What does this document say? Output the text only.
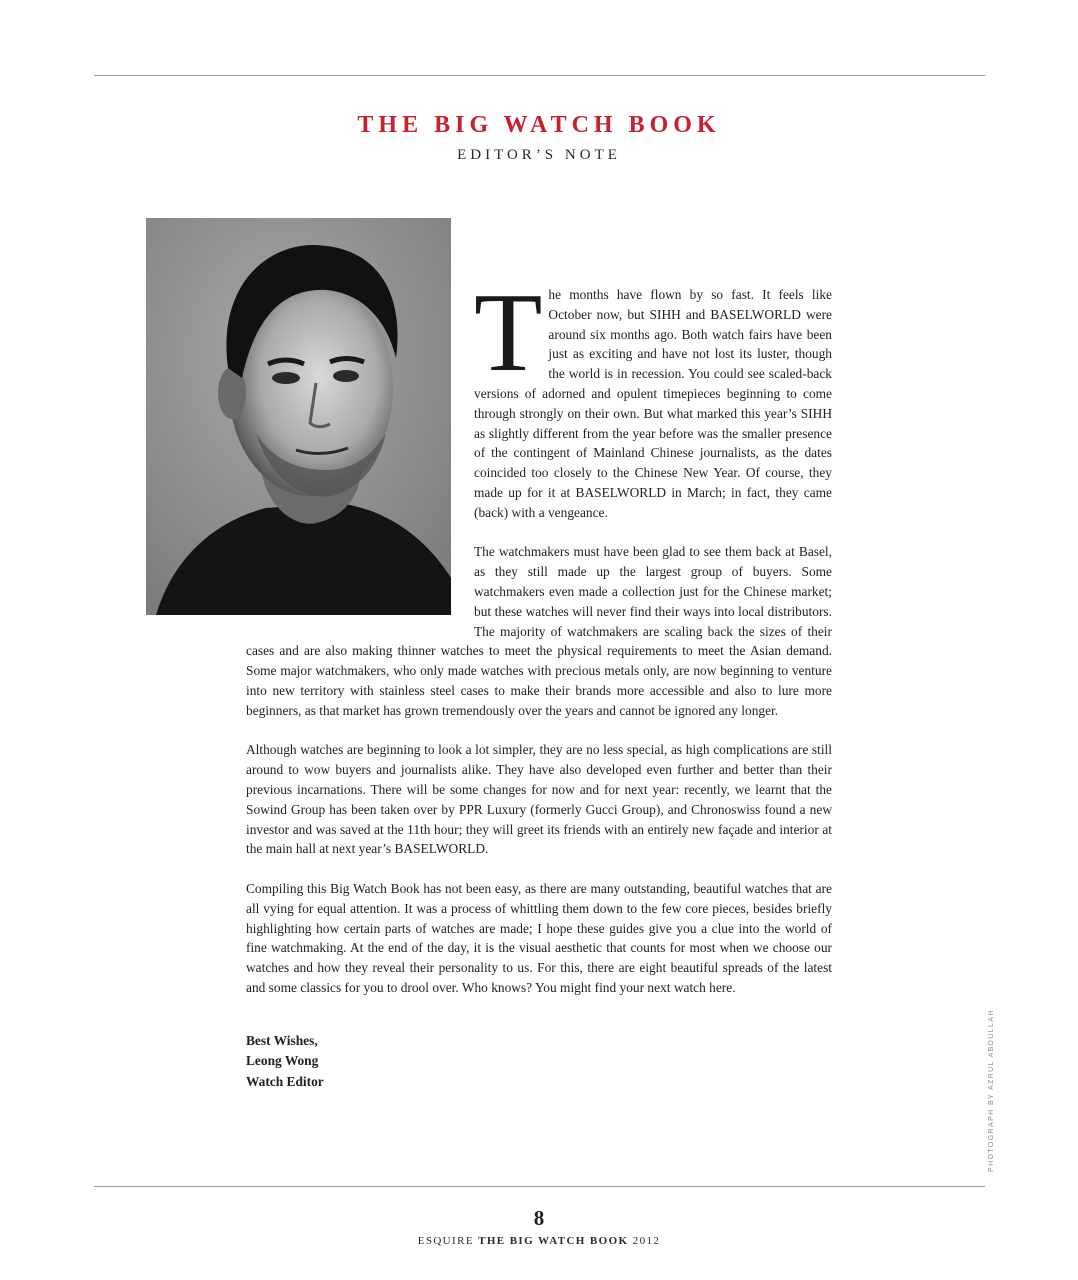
THE BIG WATCH BOOK
EDITOR’S NOTE

The months have flown by so fast. It feels like October now, but SIHH and BASELWORLD were around six months ago. Both watch fairs have been just as exciting and have not lost its luster, though the world is in recession. You could see scaled-back versions of adorned and opulent timepieces beginning to come through strongly on their own. But what marked this year’s SIHH as slightly different from the year before was the smaller presence of the contingent of Mainland Chinese journalists, as the dates coincided too closely to the Chinese New Year. Of course, they made up for it at BASELWORLD in March; in fact, they came (back) with a vengeance.

The watchmakers must have been glad to see them back at Basel, as they still made up the largest group of buyers. Some watchmakers even made a collection just for the Chinese market; but these watches will never find their ways into local distributors. The majority of watchmakers are scaling back the sizes of their cases and are also making thinner watches to meet the physical requirements to meet the Asian demand. Some major watchmakers, who only made watches with precious metals only, are now beginning to venture into new territory with stainless steel cases to make their brands more accessible and also to lure more beginners, as that market has grown tremendously over the years and cannot be ignored any longer.

Although watches are beginning to look a lot simpler, they are no less special, as high complications are still around to wow buyers and journalists alike. They have also developed even further and better than their previous incarnations. There will be some changes for now and for next year: recently, we learnt that the Sowind Group has been taken over by PPR Luxury (formerly Gucci Group), and Chronoswiss found a new investor and was saved at the 11th hour; they will greet its friends with an entirely new façade and interior at the main hall at next year’s BASELWORLD.

Compiling this Big Watch Book has not been easy, as there are many outstanding, beautiful watches that are all vying for equal attention. It was a process of whittling them down to the few core pieces, besides briefly highlighting how certain parts of watches are made; I hope these guides give you a clue into the world of fine watchmaking. At the end of the day, it is the visual aesthetic that counts for most when we choose our watches and how they reveal their personality to us. For this, there are eight beautiful spreads of the latest and some classics for you to drool over. Who knows? You might find your next watch here.

Best Wishes,
Leong Wong
Watch Editor	PHOTOGRAPH BY AZRUL ABDULLAH
8
ESQUIRE THE BIG WATCH BOOK 2012
